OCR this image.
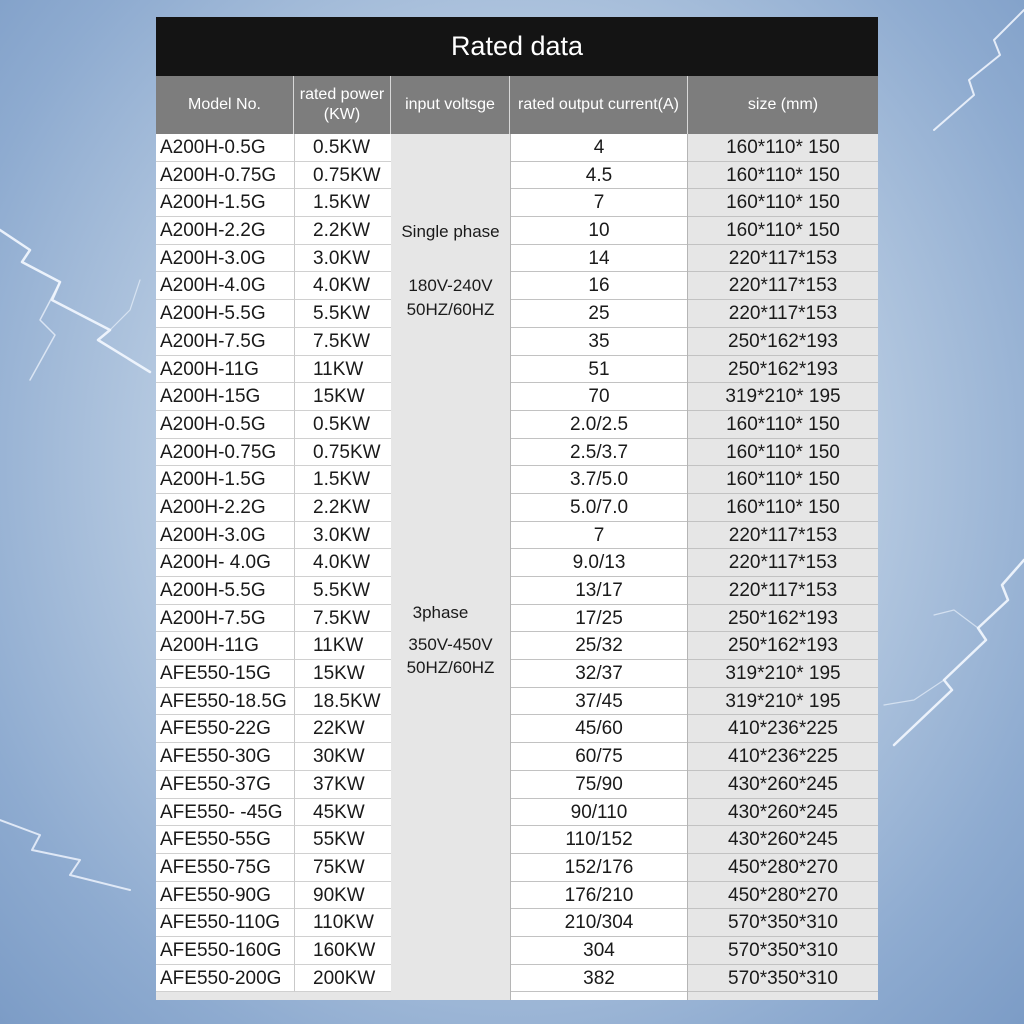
Rated data
Model No.
rated power (KW)
input voltsge	rated output current(A)	size (mm)
A200H-0.5G
A200H-0.75G
A200H-1.5G
A200H-2.2G
A200H-3.0G
A200H-4.0G
A200H-5.5G
A200H-7.5G
A200H-11G
A200H-15G
A200H-0.5G
A200H-0.75G
A200H-1.5G
A200H-2.2G
A200H-3.0G
A200H- 4.0G
A200H-5.5G
A200H-7.5G
A200H-11G
AFE550-15G
AFE550-18.5G
AFE550-22G
AFE550-30G
AFE550-37G
AFE550- -45G
AFE550-55G
AFE550-75G
AFE550-90G
AFE550-110G
AFE550-160G
AFE550-200G
0.5KW
0.75KW
1.5KW
2.2KW
3.0KW
4.0KW
5.5KW
7.5KW
11KW
15KW
0.5KW
0.75KW
1.5KW
2.2KW
3.0KW
4.0KW
5.5KW
7.5KW
11KW
15KW
18.5KW
22KW
30KW
37KW
45KW
55KW
75KW
90KW
110KW
160KW
200KW
Single phase
180V-240V
50HZ/60HZ
3phase
350V-450V
50HZ/60HZ
4
4.5
7
10
14
16
25
35
51
70
2.0/2.5
2.5/3.7
3.7/5.0
5.0/7.0
7
9.0/13
13/17
17/25
25/32
32/37
37/45
45/60
60/75
75/90
90/110
110/152
152/176
176/210
210/304
304
382
160*110* 150
160*110* 150
160*110* 150
160*110* 150
220*117*153
220*117*153
220*117*153
250*162*193
250*162*193
319*210* 195
160*110* 150
160*110* 150
160*110* 150
160*110* 150
220*117*153
220*117*153
220*117*153
250*162*193
250*162*193
319*210* 195
319*210* 195
410*236*225
410*236*225
430*260*245
430*260*245
430*260*245
450*280*270
450*280*270
570*350*310
570*350*310
570*350*310
